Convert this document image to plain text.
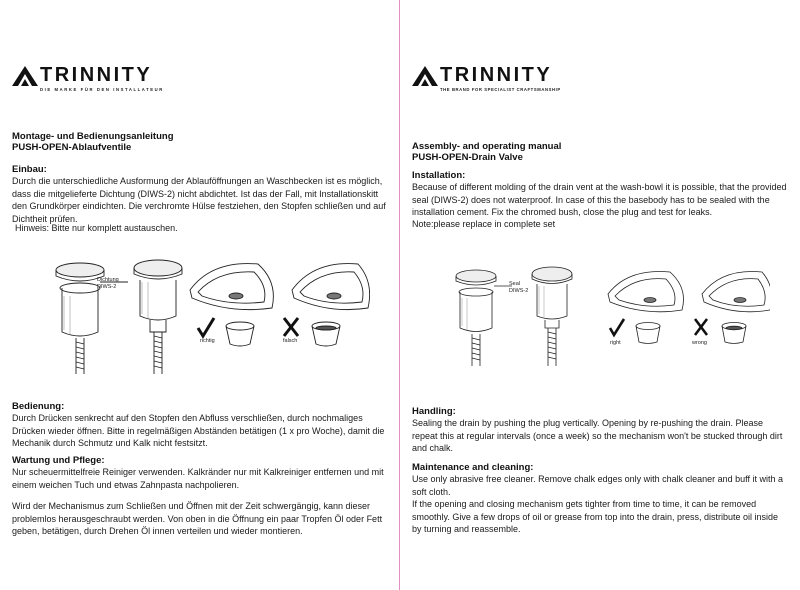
TRINNITY
DIE MARKE FÜR DEN INSTALLATEUR
Montage- und Bedienungsanleitung
PUSH-OPEN-Ablaufventile
Einbau:
Durch die unterschiedliche Ausformung der Ablauföffnungen an Waschbecken ist es möglich, dass die mitgelieferte Dichtung (DIWS-2) nicht abdichtet. Ist das der Fall, mit Installationskitt den Grundkörper eindichten. Die verchromte Hülse festziehen, den Stopfen schließen und auf Dichtheit prüfen.
Hinweis: Bitte nur komplett austauschen.
Dichtung
DIWS-2
richtig	falsch
Bedienung:
Durch Drücken senkrecht auf den Stopfen den Abfluss verschließen, durch nochmaliges Drücken wieder öffnen. Bitte in regelmäßigen Abständen betätigen (1 x pro Woche), damit die Mechanik durch Schmutz und Kalk nicht festsitzt.
Wartung und Pflege:
Nur scheuermittelfreie Reiniger verwenden. Kalkränder nur mit Kalkreiniger entfernen und mit einem weichen Tuch und etwas Zahnpasta nachpolieren.
Wird der Mechanismus zum Schließen und Öffnen mit der Zeit schwergängig, kann dieser problemlos herausgeschraubt werden. Von oben in die Öffnung ein paar Tropfen Öl oder Fett geben, betätigen, durch Drehen Öl innen verteilen und wieder montieren.
TRINNITY
THE BRAND FOR SPECIALIST CRAFTSMANSHIP
Assembly- and operating manual
PUSH-OPEN-Drain Valve
Installation:
Because of different molding of the drain vent at the wash-bowl it is possible, that the provided seal (DIWS-2) does not waterproof. In case of this the basebody has to be sealed with the installation cement. Fix the chromed bush, close the plug and test for leaks.
Note:please replace in complete set
Seal
DIWS-2
right	wrong
Handling:
Sealing the drain by pushing the plug vertically. Opening by re-pushing the drain. Please repeat this at regular intervals (once a week) so the mechanism won't be stucked through dirt and chalk.
Maintenance and cleaning:
Use only abrasive free cleaner. Remove chalk edges only with chalk cleaner and buff it with a soft cloth.
If the opening and closing mechanism gets tighter from time to time, it can be removed smoothly. Give a few drops of oil or grease from top into the drain, press, distribute oil inside by turning and reassemble.
